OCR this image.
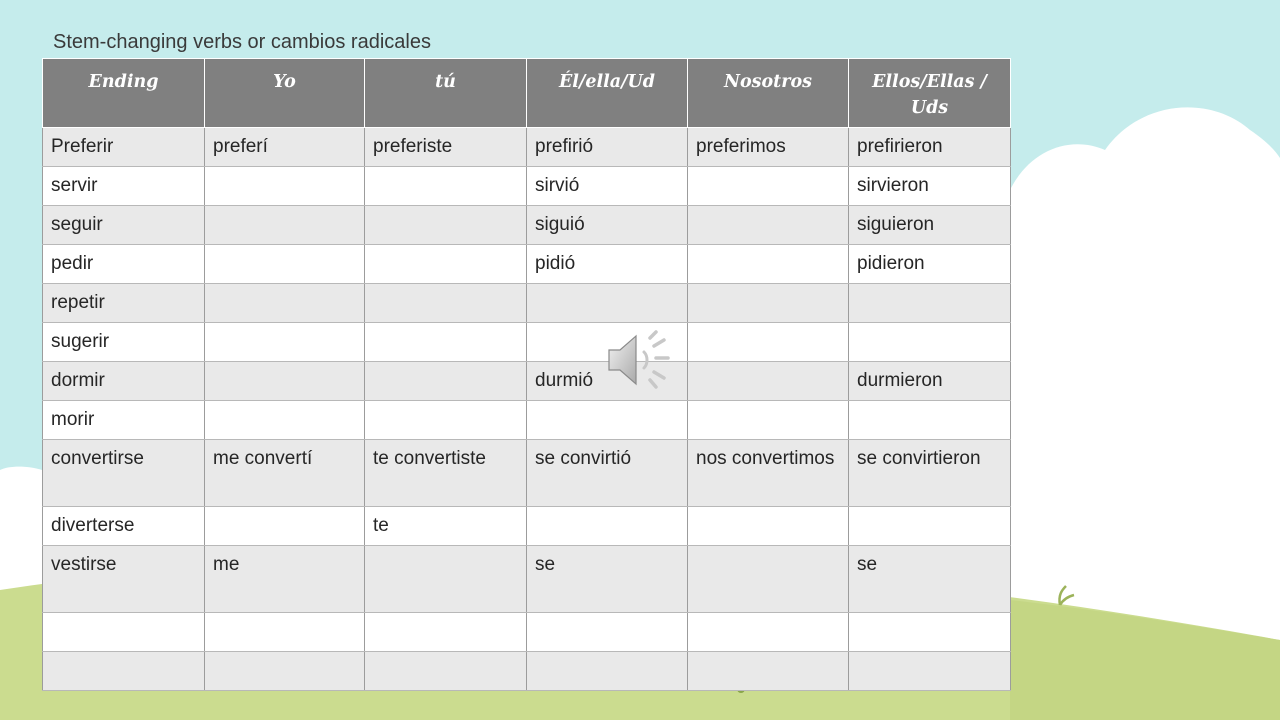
Stem-changing verbs or cambios radicales
Ending	Yo	tú	Él/ella/Ud	Nosotros	Ellos/Ellas / Uds
Preferir	preferí	preferiste	prefirió	preferimos	prefirieron
servir			sirvió		sirvieron
seguir			siguió		siguieron
pedir			pidió		pidieron
repetir					
sugerir					
dormir			durmió		durmieron
morir					
convertirse	me convertí	te convertiste	se convirtió	nos convertimos	se convirtieron
diverterse		te			
vestirse	me		se		se
